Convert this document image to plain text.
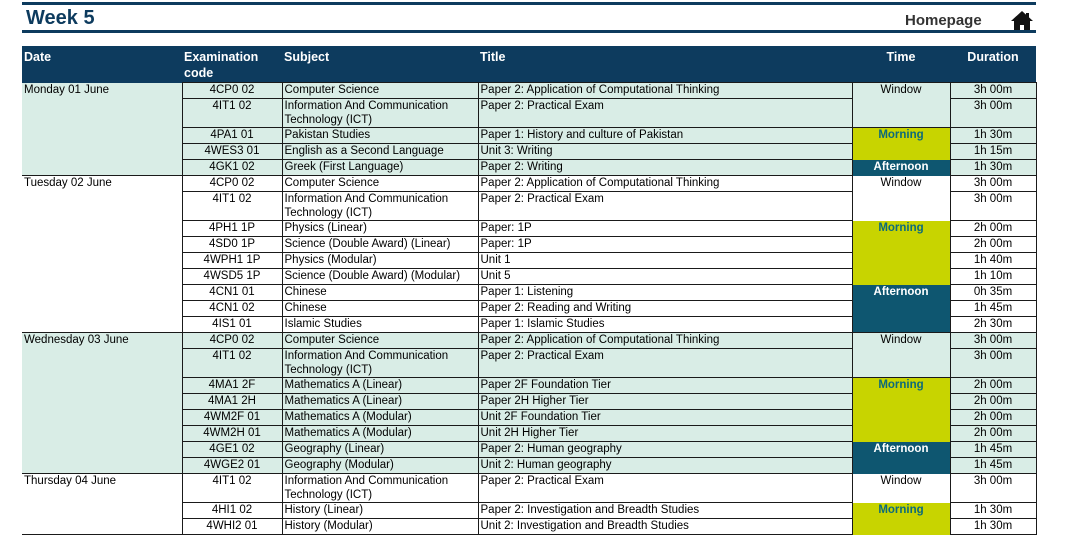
Week 5	Homepage
Date	Examination code	Subject	Title	Time	Duration
Monday 01 June	4CP0 02	Computer Science	Paper 2: Application of Computational Thinking	Window	3h 00m
	4IT1 02	Information And Communication Technology (ICT)	Paper 2: Practical Exam		3h 00m
	4PA1 01	Pakistan Studies	Paper 1: History and culture of Pakistan	Morning	1h 30m
	4WES3 01	English as a Second Language	Unit 3: Writing		1h 15m
	4GK1 02	Greek (First Language)	Paper 2: Writing	Afternoon	1h 30m
Tuesday 02 June	4CP0 02	Computer Science	Paper 2: Application of Computational Thinking	Window	3h 00m
	4IT1 02	Information And Communication Technology (ICT)	Paper 2: Practical Exam		3h 00m
	4PH1 1P	Physics (Linear)	Paper: 1P	Morning	2h 00m
	4SD0 1P	Science (Double Award) (Linear)	Paper: 1P		2h 00m
	4WPH1 1P	Physics (Modular)	Unit 1		1h 40m
	4WSD5 1P	Science (Double Award) (Modular)	Unit 5		1h 10m
	4CN1 01	Chinese	Paper 1: Listening	Afternoon	0h 35m
	4CN1 02	Chinese	Paper 2: Reading and Writing		1h 45m
	4IS1 01	Islamic Studies	Paper 1: Islamic Studies		2h 30m
Wednesday 03 June	4CP0 02	Computer Science	Paper 2: Application of Computational Thinking	Window	3h 00m
	4IT1 02	Information And Communication Technology (ICT)	Paper 2: Practical Exam		3h 00m
	4MA1 2F	Mathematics A (Linear)	Paper 2F Foundation Tier	Morning	2h 00m
	4MA1 2H	Mathematics A (Linear)	Paper 2H Higher Tier		2h 00m
	4WM2F 01	Mathematics A (Modular)	Unit 2F Foundation Tier		2h 00m
	4WM2H 01	Mathematics A (Modular)	Unit 2H Higher Tier		2h 00m
	4GE1 02	Geography (Linear)	Paper 2: Human geography	Afternoon	1h 45m
	4WGE2 01	Geography (Modular)	Unit 2: Human geography		1h 45m
Thursday 04 June	4IT1 02	Information And Communication Technology (ICT)	Paper 2: Practical Exam	Window	3h 00m
	4HI1 02	History (Linear)	Paper 2: Investigation and Breadth Studies	Morning	1h 30m
	4WHI2 01	History (Modular)	Unit 2: Investigation and Breadth Studies		1h 30m
